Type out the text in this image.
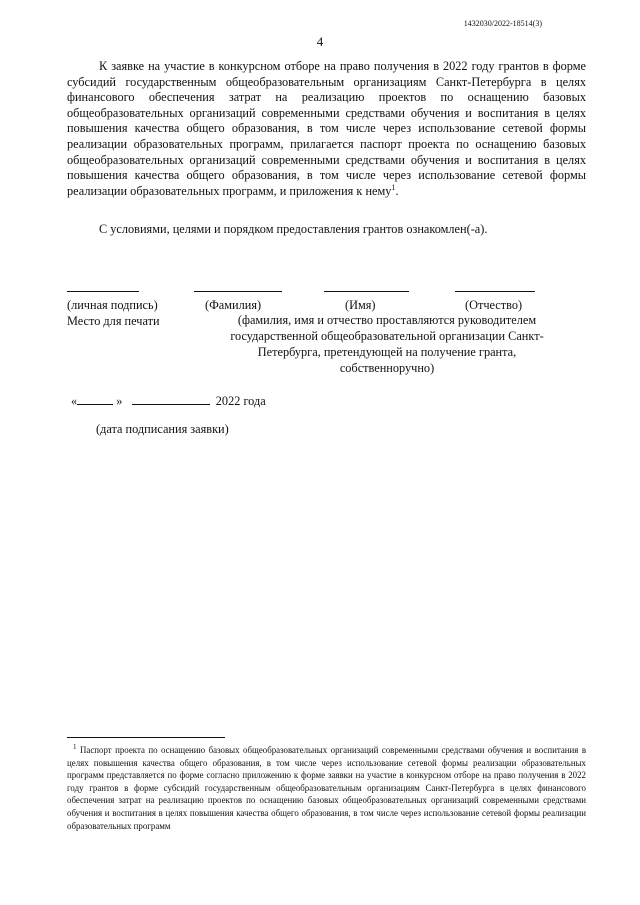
1432030/2022-18514(3)
4

К заявке на участие в конкурсном отборе на право получения в 2022 году грантов в форме субсидий государственным общеобразовательным организациям Санкт-Петербурга в целях финансового обеспечения затрат на реализацию проектов по оснащению базовых общеобразовательных организаций современными средствами обучения и воспитания в целях повышения качества общего образования, в том числе через использование сетевой формы реализации образовательных программ, прилагается паспорт проекта по оснащению базовых общеобразовательных организаций современными средствами обучения и воспитания в целях повышения качества общего образования, в том числе через использование сетевой формы реализации образовательных программ, и приложения к нему$^1$.

С условиями, целями и порядком предоставления грантов ознакомлен(-а).
(личная подпись)	(Фамилия)	(Имя)	(Отчество)
Место для печати	(фамилия, имя и отчество проставляются руководителем государственной общеобразовательной организации Санкт-Петербурга, претендующей на получение гранта, собственноручно)
«	»	2022 года
(дата подписания заявки)

$^1$ Паспорт проекта по оснащению базовых общеобразовательных организаций современными средствами обучения и воспитания в целях повышения качества общего образования, в том числе через использование сетевой формы реализации образовательных программ представляется по форме согласно приложению к форме заявки на участие в конкурсном отборе на право получения в 2022 году грантов в форме субсидий государственным общеобразовательным организациям Санкт-Петербурга в целях финансового обеспечения затрат на реализацию проектов по оснащению базовых общеобразовательных организаций современными средствами обучения и воспитания в целях повышения качества общего образования, в том числе через использование сетевой формы реализации образовательных программ
